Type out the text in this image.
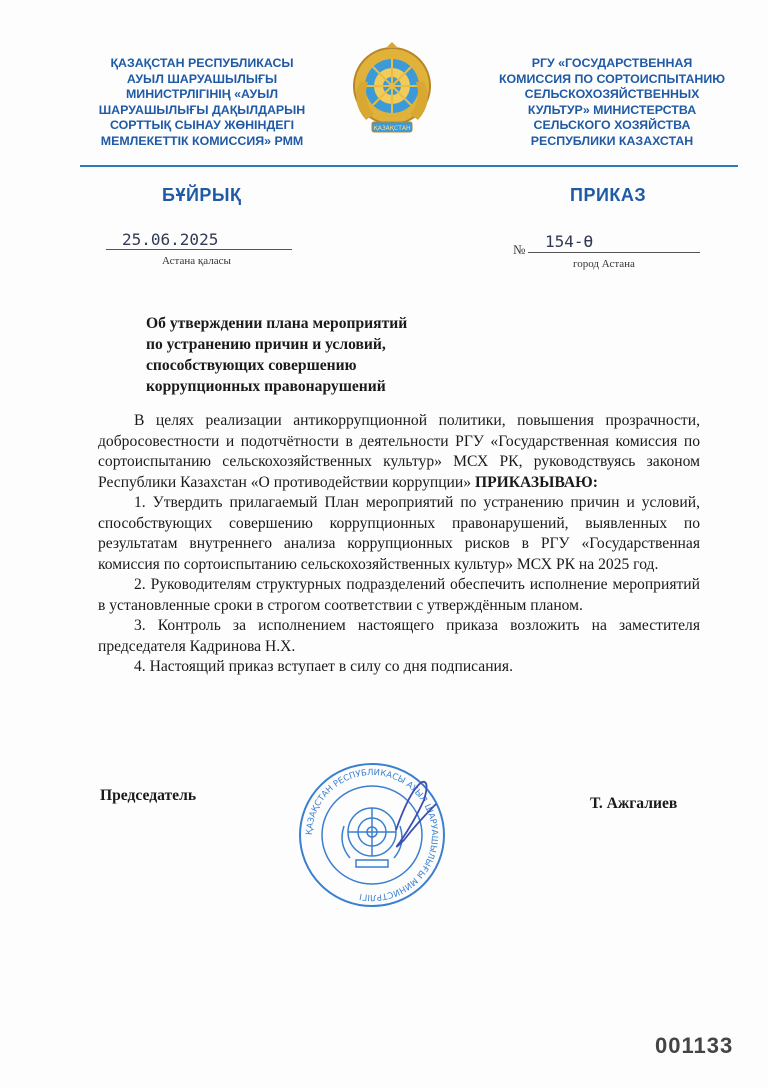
ҚАЗАҚСТАН РЕСПУБЛИКАСЫ
АУЫЛ ШАРУАШЫЛЫҒЫ
МИНИСТРЛІГІНІҢ «АУЫЛ
ШАРУАШЫЛЫҒЫ ДАҚЫЛДАРЫН
СОРТТЫҚ СЫНАУ ЖӨНІНДЕГІ
МЕМЛЕКЕТТІК КОМИССИЯ» РММ
ҚАЗАҚСТАН
РГУ «ГОСУДАРСТВЕННАЯ
КОМИССИЯ ПО СОРТОИСПЫТАНИЮ
СЕЛЬСКОХОЗЯЙСТВЕННЫХ
КУЛЬТУР» МИНИСТЕРСТВА
СЕЛЬСКОГО ХОЗЯЙСТВА
РЕСПУБЛИКИ КАЗАХСТАН
БҰЙРЫҚ	ПРИКАЗ
25.06.2025
Астана қаласы
№ 154-Ө
город Астана
Об утверждении плана мероприятий
по устранению причин и условий,
способствующих совершению
коррупционных правонарушений

В целях реализации антикоррупционной политики, повышения прозрачности, добросовестности и подотчётности в деятельности РГУ «Государственная комиссия по сортоиспытанию сельскохозяйственных культур» МСХ РК, руководствуясь законом Республики Казахстан «О противодействии коррупции» ПРИКАЗЫВАЮ:

1. Утвердить прилагаемый План мероприятий по устранению причин и условий, способствующих совершению коррупционных правонарушений, выявленных по результатам внутреннего анализа коррупционных рисков в РГУ «Государственная комиссия по сортоиспытанию сельскохозяйственных культур» МСХ РК на 2025 год.

2. Руководителям структурных подразделений обеспечить исполнение мероприятий в установленные сроки в строгом соответствии с утверждённым планом.

3. Контроль за исполнением настоящего приказа возложить на заместителя председателя Кадринова Н.Х.

4. Настоящий приказ вступает в силу со дня подписания.

Председатель
ҚАЗАҚСТАН РЕСПУБЛИКАСЫ АУЫЛ ШАРУАШЫЛЫҒЫ МИНИСТРЛІГІ
Т. Ажгалиев
001133
